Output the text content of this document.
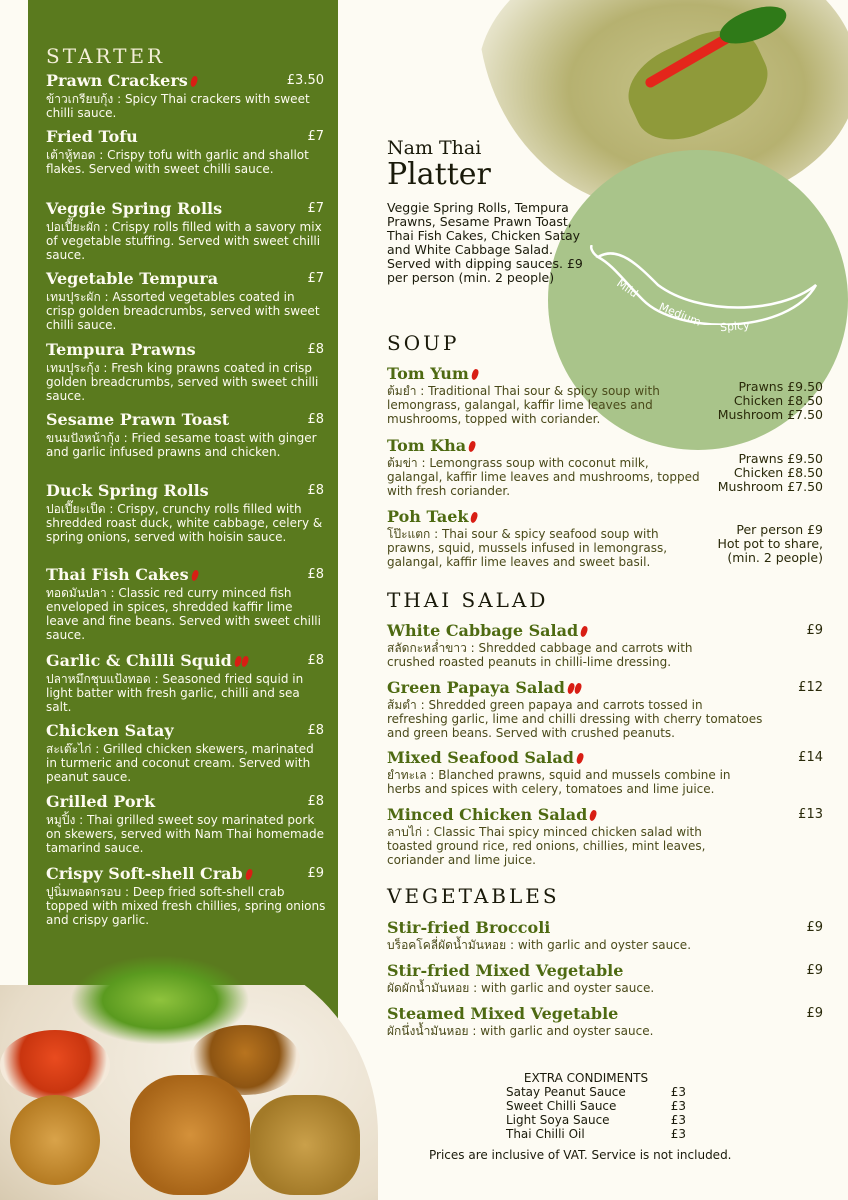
STARTER
Prawn Crackers	£3.50
ข้าวเกรียบกุ้ง : Spicy Thai crackers with sweet chilli sauce.
Fried Tofu	£7
เต้าหู้ทอด : Crispy tofu with garlic and shallot flakes. Served with sweet chilli sauce.
Veggie Spring Rolls	£7
ปอเปี๊ยะผัก : Crispy rolls filled with a savory mix of vegetable stuffing. Served with sweet chilli sauce.
Vegetable Tempura	£7
เทมปุระผัก : Assorted vegetables coated in crisp golden breadcrumbs, served with sweet chilli sauce.
Tempura Prawns	£8
เทมปุระกุ้ง : Fresh king prawns coated in crisp golden breadcrumbs, served with sweet chilli sauce.
Sesame Prawn Toast	£8
ขนมปังหน้ากุ้ง : Fried sesame toast with ginger and garlic infused prawns and chicken.
Duck Spring Rolls	£8
ปอเปี๊ยะเป็ด : Crispy, crunchy rolls filled with shredded roast duck, white cabbage, celery & spring onions, served with hoisin sauce.
Thai Fish Cakes	£8
ทอดมันปลา : Classic red curry minced fish enveloped in spices, shredded kaffir lime leave and fine beans. Served with sweet chilli sauce.
Garlic & Chilli Squid	£8
ปลาหมึกชุบแป้งทอด : Seasoned fried squid in light batter with fresh garlic, chilli and sea salt.
Chicken Satay	£8
สะเต๊ะไก่ : Grilled chicken skewers, marinated in turmeric and coconut cream. Served with peanut sauce.
Grilled Pork	£8
หมูปิ้ง : Thai grilled sweet soy marinated pork on skewers, served with Nam Thai homemade tamarind sauce.
Crispy Soft-shell Crab	£9
ปูนิ่มทอดกรอบ : Deep fried soft-shell crab topped with mixed fresh chillies, spring onions and crispy garlic.
Mild
Medium Spicy
Nam Thai
Platter
Veggie Spring Rolls, Tempura Prawns, Sesame Prawn Toast, Thai Fish Cakes, Chicken Satay and White Cabbage Salad. Served with dipping sauces. £9 per person (min. 2 people)
SOUP
Tom Yum
ต้มยำ : Traditional Thai sour & spicy soup with lemongrass, galangal, kaffir lime leaves and mushrooms, topped with coriander.
Prawns £9.50
Chicken £8.50
Mushroom £7.50
Tom Kha
ต้มข่า : Lemongrass soup with coconut milk, galangal, kaffir lime leaves and mushrooms, topped with fresh coriander.
Prawns £9.50
Chicken £8.50
Mushroom £7.50
Poh Taek
โป๊ะแตก : Thai sour & spicy seafood soup with prawns, squid, mussels infused in lemongrass, galangal, kaffir lime leaves and sweet basil.
Per person £9
Hot pot to share,
(min. 2 people)
THAI SALAD
White Cabbage Salad	£9
สลัดกะหล่ำขาว : Shredded cabbage and carrots with crushed roasted peanuts in chilli-lime dressing.
Green Papaya Salad	£12
ส้มตำ : Shredded green papaya and carrots tossed in refreshing garlic, lime and chilli dressing with cherry tomatoes and green beans. Served with crushed peanuts.
Mixed Seafood Salad	£14
ยำทะเล : Blanched prawns, squid and mussels combine in herbs and spices with celery, tomatoes and lime juice.
Minced Chicken Salad	£13
ลาบไก่ : Classic Thai spicy minced chicken salad with toasted ground rice, red onions, chillies, mint leaves, coriander and lime juice.
VEGETABLES
Stir-fried Broccoli	£9
บร็อคโคลี่ผัดน้ำมันหอย : with garlic and oyster sauce.
Stir-fried Mixed Vegetable	£9
ผัดผักน้ำมันหอย : with garlic and oyster sauce.
Steamed Mixed Vegetable	£9
ผักนึ่งน้ำมันหอย : with garlic and oyster sauce.
EXTRA CONDIMENTS
Satay Peanut Sauce	£3
Sweet Chilli Sauce	£3
Light Soya Sauce	£3
Thai Chilli Oil	£3
Prices are inclusive of VAT. Service is not included.
